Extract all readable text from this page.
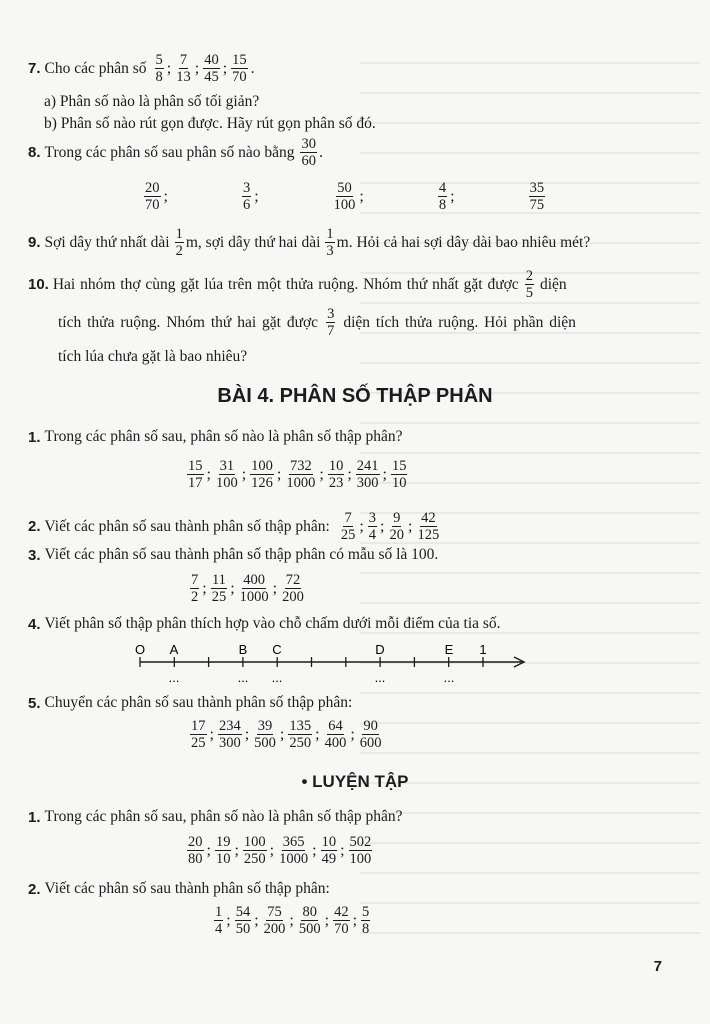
7. Cho các phân số $\frac{5}{8}$ ; $\frac{7}{13}$ ; $\frac{40}{45}$ ; $\frac{15}{70}$ .
a) Phân số nào là phân số tối giản?
b) Phân số nào rút gọn được. Hãy rút gọn phân số đó.
8. Trong các phân số sau phân số nào bằng $\frac{30}{60}$ .
$\frac{20}{70}$ ;	$\frac{3}{6}$ ;	$\frac{50}{100}$ ;	$\frac{4}{8}$ ;	$\frac{35}{75}$
9. Sợi dây thứ nhất dài $\frac{1}{2} m$, sợi dây thứ hai dài $\frac{1}{3} m$. Hỏi cả hai sợi dây dài bao nhiêu mét?
10. Hai nhóm thợ cùng gặt lúa trên một thửa ruộng. Nhóm thứ nhất gặt được $\frac{2}{5}$ diện
tích thửa ruộng. Nhóm thứ hai gặt được $\frac{3}{7}$ diện tích thửa ruộng. Hỏi phần diện
tích lúa chưa gặt là bao nhiêu?
BÀI 4. PHÂN SỐ THẬP PHÂN
1. Trong các phân số sau, phân số nào là phân số thập phân?
$\frac{15}{17}$ ; $\frac{31}{100}$ ; $\frac{100}{126}$ ; $\frac{732}{1000}$ ; $\frac{10}{23}$ ; $\frac{241}{300}$ ; $\frac{15}{10}$
2. Viết các phân số sau thành phân số thập phân: $\frac{7}{25}$ ; $\frac{3}{4}$ ; $\frac{9}{20}$ ; $\frac{42}{125}$
3. Viết các phân số sau thành phân số thập phân có mẫu số là 100.
$\frac{7}{2}$ ; $\frac{11}{25}$ ; $\frac{400}{1000}$ ; $\frac{72}{200}$
4. Viết phân số thập phân thích hợp vào chỗ chấm dưới mỗi điểm của tia số.
O A	B C	D	E 1
...	... ...	...	...
5. Chuyển các phân số sau thành phân số thập phân:
$\frac{17}{25}$ ; $\frac{234}{300}$ ; $\frac{39}{500}$ ; $\frac{135}{250}$ ; $\frac{64}{400}$ ; $\frac{90}{600}$
• LUYỆN TẬP
1. Trong các phân số sau, phân số nào là phân số thập phân?
$\frac{20}{80}$ ; $\frac{19}{10}$ ; $\frac{100}{250}$ ; $\frac{365}{1000}$ ; $\frac{10}{49}$ ; $\frac{502}{100}$
2. Viết các phân số sau thành phân số thập phân:
$\frac{1}{4}$ ; $\frac{54}{50}$ ; $\frac{75}{200}$ ; $\frac{80}{500}$ ; $\frac{42}{70}$ ; $\frac{5}{8}$
7
